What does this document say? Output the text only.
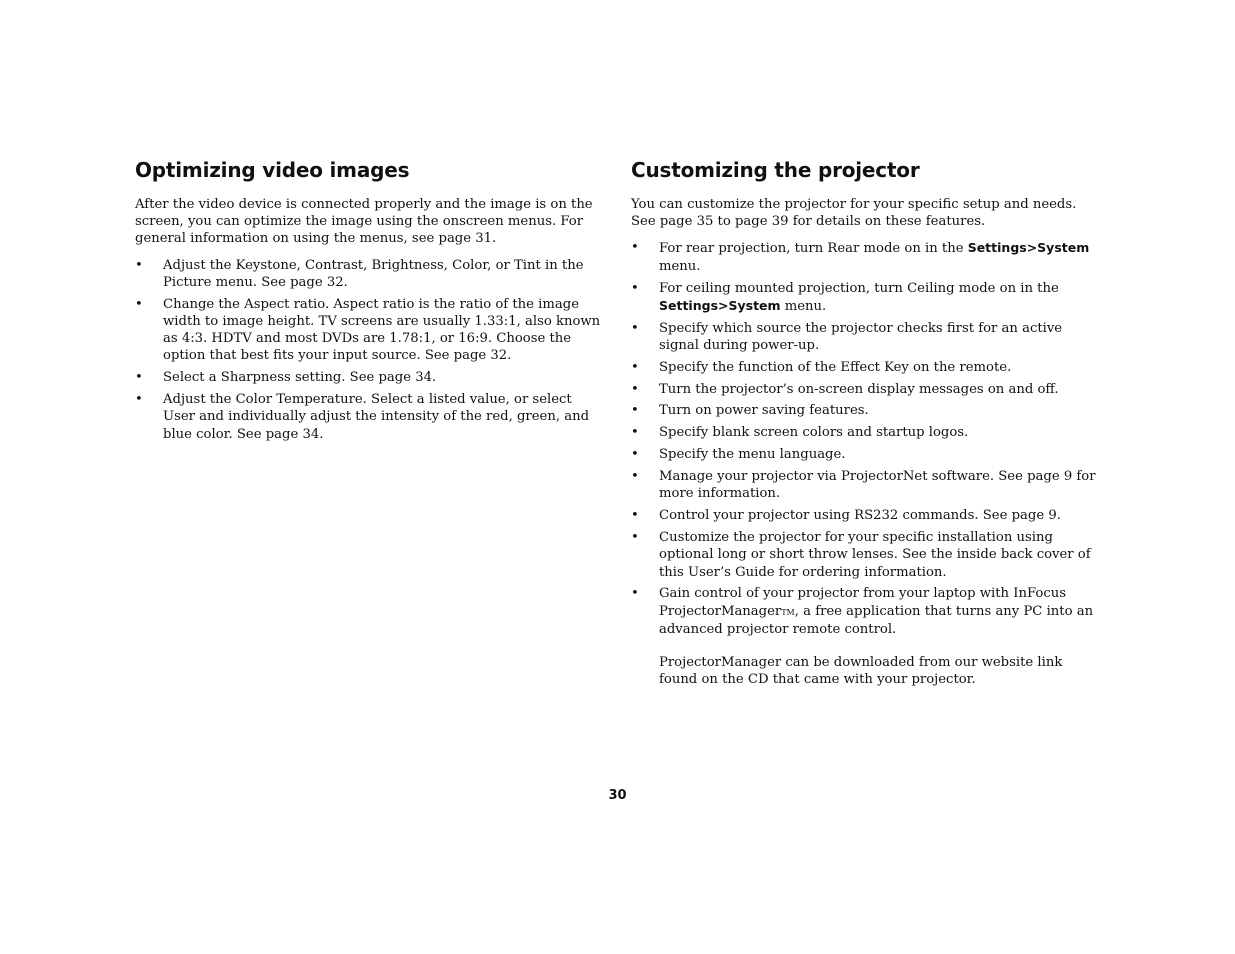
Optimizing video images

After the video device is connected properly and the image is on the screen, you can optimize the image using the onscreen menus. For general information on using the menus, see page 31.

• Adjust the Keystone, Contrast, Brightness, Color, or Tint in the Picture menu. See page 32.
• Change the Aspect ratio. Aspect ratio is the ratio of the image width to image height. TV screens are usually 1.33:1, also known as 4:3. HDTV and most DVDs are 1.78:1, or 16:9. Choose the option that best fits your input source. See page 32.
• Select a Sharpness setting. See page 34.
• Adjust the Color Temperature. Select a listed value, or select User and individually adjust the intensity of the red, green, and blue color. See page 34.
Customizing the projector

You can customize the projector for your specific setup and needs. See page 35 to page 39 for details on these features.

• For rear projection, turn Rear mode on in the Settings>System menu.
• For ceiling mounted projection, turn Ceiling mode on in the Settings>System menu.
• Specify which source the projector checks first for an active signal during power-up.
• Specify the function of the Effect Key on the remote.
• Turn the projector’s on-screen display messages on and off.
• Turn on power saving features.
• Specify blank screen colors and startup logos.
• Specify the menu language.
• Manage your projector via ProjectorNet software. See page 9 for more information.
• Control your projector using RS232 commands. See page 9.
• Customize the projector for your specific installation using optional long or short throw lenses. See the inside back cover of this User’s Guide for ordering information.
• Gain control of your projector from your laptop with InFocus ProjectorManagerTM, a free application that turns any PC into an advanced projector remote control.
ProjectorManager can be downloaded from our website link found on the CD that came with your projector.
30
